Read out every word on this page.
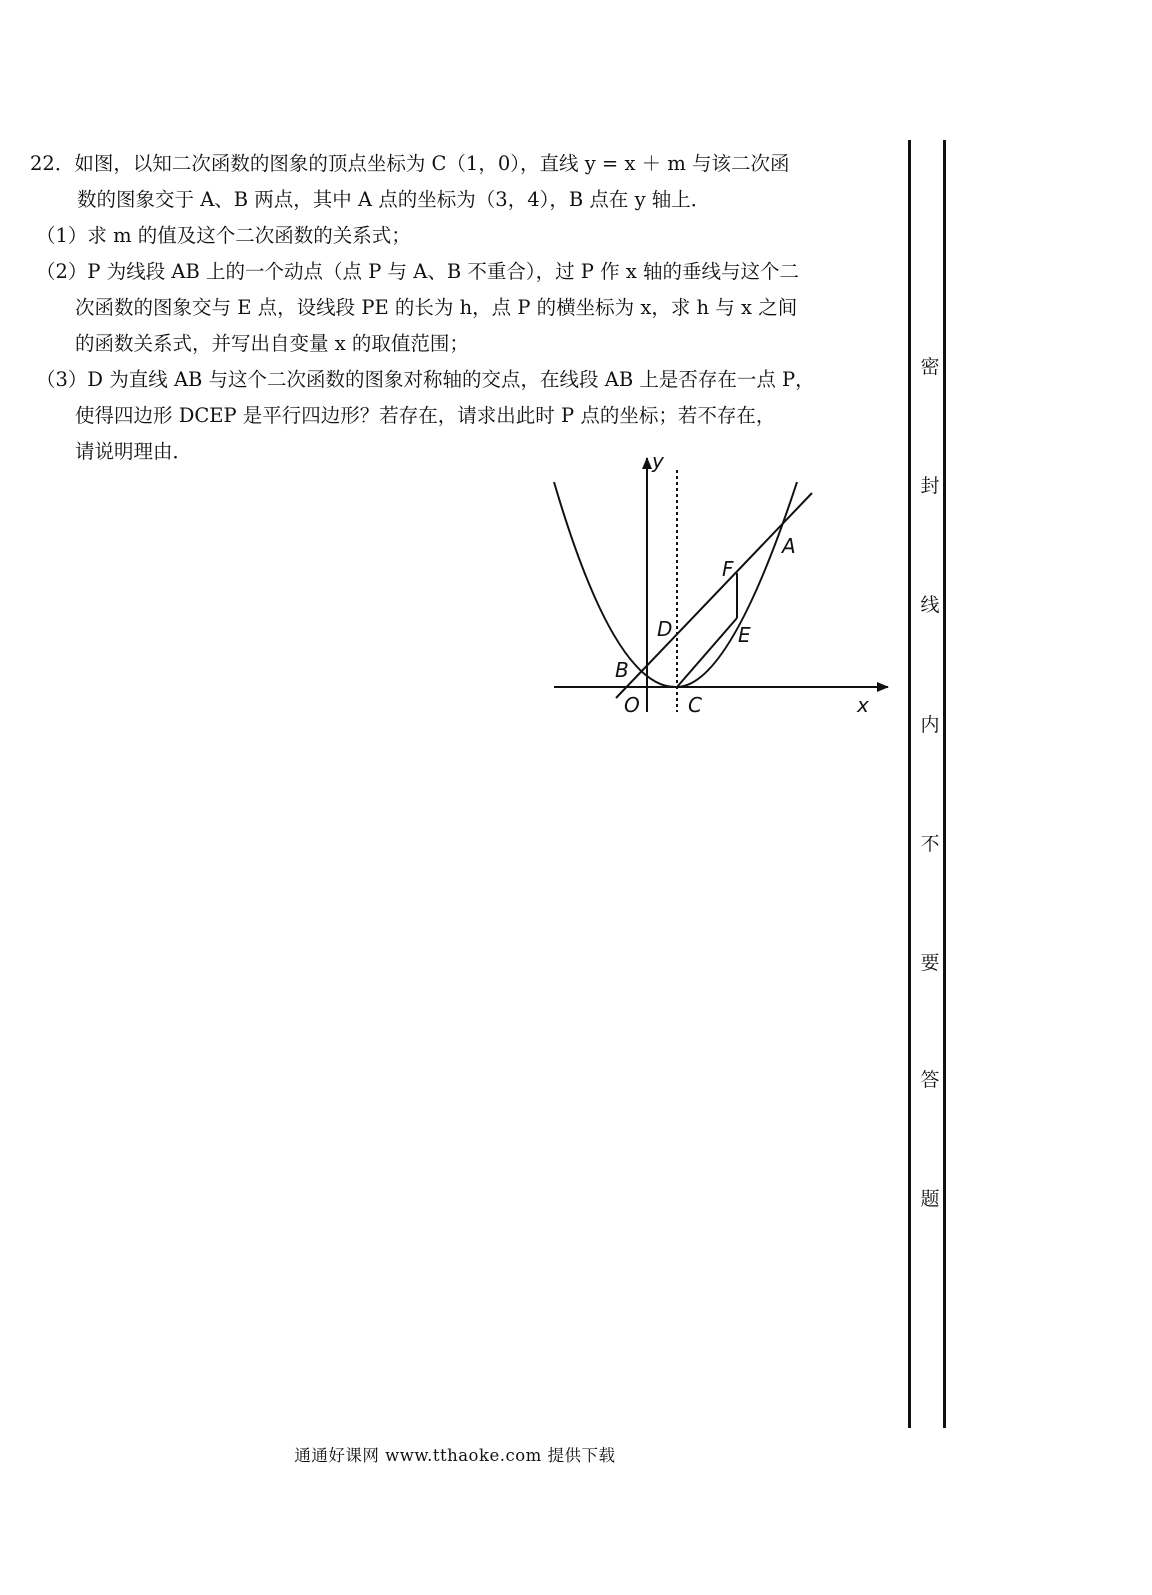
22．如图，以知二次函数的图象的顶点坐标为 C（1，0），直线 y = x ＋ m 与该二次函
数的图象交于 A、B 两点，其中 A 点的坐标为（3，4），B 点在 y 轴上．
（1）求 m 的值及这个二次函数的关系式；
（2）P 为线段 AB 上的一个动点（点 P 与 A、B 不重合），过 P 作 x 轴的垂线与这个二
次函数的图象交与 E 点，设线段 PE 的长为 h，点 P 的横坐标为 x，求 h 与 x 之间
的函数关系式，并写出自变量 x 的取值范围；
（3）D 为直线 AB 与这个二次函数的图象对称轴的交点，在线段 AB 上是否存在一点 P，
使得四边形 DCEP 是平行四边形？若存在，请求出此时 P 点的坐标；若不存在，
请说明理由．	y
x
O C
B
D	E
F
A
密
封
线
内
不
要
答
题
通通好课网 www.tthaoke.com 提供下载
